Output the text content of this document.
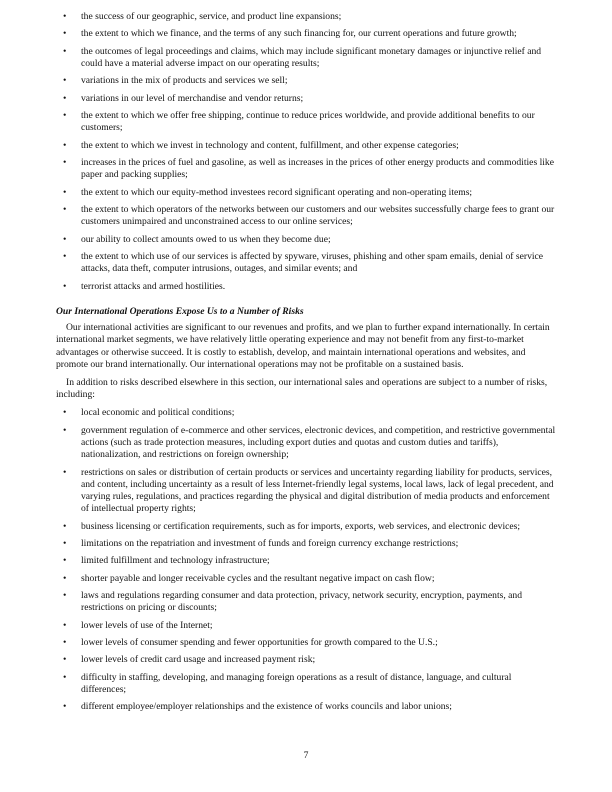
• the success of our geographic, service, and product line expansions;
• the extent to which we finance, and the terms of any such financing for, our current operations and future growth;
• the outcomes of legal proceedings and claims, which may include significant monetary damages or injunctive relief and could have a material adverse impact on our operating results;
• variations in the mix of products and services we sell;
• variations in our level of merchandise and vendor returns;
• the extent to which we offer free shipping, continue to reduce prices worldwide, and provide additional benefits to our customers;
• the extent to which we invest in technology and content, fulfillment, and other expense categories;
• increases in the prices of fuel and gasoline, as well as increases in the prices of other energy products and commodities like paper and packing supplies;
• the extent to which our equity-method investees record significant operating and non-operating items;
• the extent to which operators of the networks between our customers and our websites successfully charge fees to grant our customers unimpaired and unconstrained access to our online services;
• our ability to collect amounts owed to us when they become due;
• the extent to which use of our services is affected by spyware, viruses, phishing and other spam emails, denial of service attacks, data theft, computer intrusions, outages, and similar events; and
• terrorist attacks and armed hostilities.
Our International Operations Expose Us to a Number of Risks

Our international activities are significant to our revenues and profits, and we plan to further expand internationally. In certain international market segments, we have relatively little operating experience and may not benefit from any first-to-market advantages or otherwise succeed. It is costly to establish, develop, and maintain international operations and websites, and promote our brand internationally. Our international operations may not be profitable on a sustained basis.

In addition to risks described elsewhere in this section, our international sales and operations are subject to a number of risks, including:

• local economic and political conditions;
• government regulation of e-commerce and other services, electronic devices, and competition, and restrictive governmental actions (such as trade protection measures, including export duties and quotas and custom duties and tariffs), nationalization, and restrictions on foreign ownership;
• restrictions on sales or distribution of certain products or services and uncertainty regarding liability for products, services, and content, including uncertainty as a result of less Internet-friendly legal systems, local laws, lack of legal precedent, and varying rules, regulations, and practices regarding the physical and digital distribution of media products and enforcement of intellectual property rights;
• business licensing or certification requirements, such as for imports, exports, web services, and electronic devices;
• limitations on the repatriation and investment of funds and foreign currency exchange restrictions;
• limited fulfillment and technology infrastructure;
• shorter payable and longer receivable cycles and the resultant negative impact on cash flow;
• laws and regulations regarding consumer and data protection, privacy, network security, encryption, payments, and restrictions on pricing or discounts;
• lower levels of use of the Internet;
• lower levels of consumer spending and fewer opportunities for growth compared to the U.S.;
• lower levels of credit card usage and increased payment risk;
• difficulty in staffing, developing, and managing foreign operations as a result of distance, language, and cultural differences;
• different employee/employer relationships and the existence of works councils and labor unions;
7
